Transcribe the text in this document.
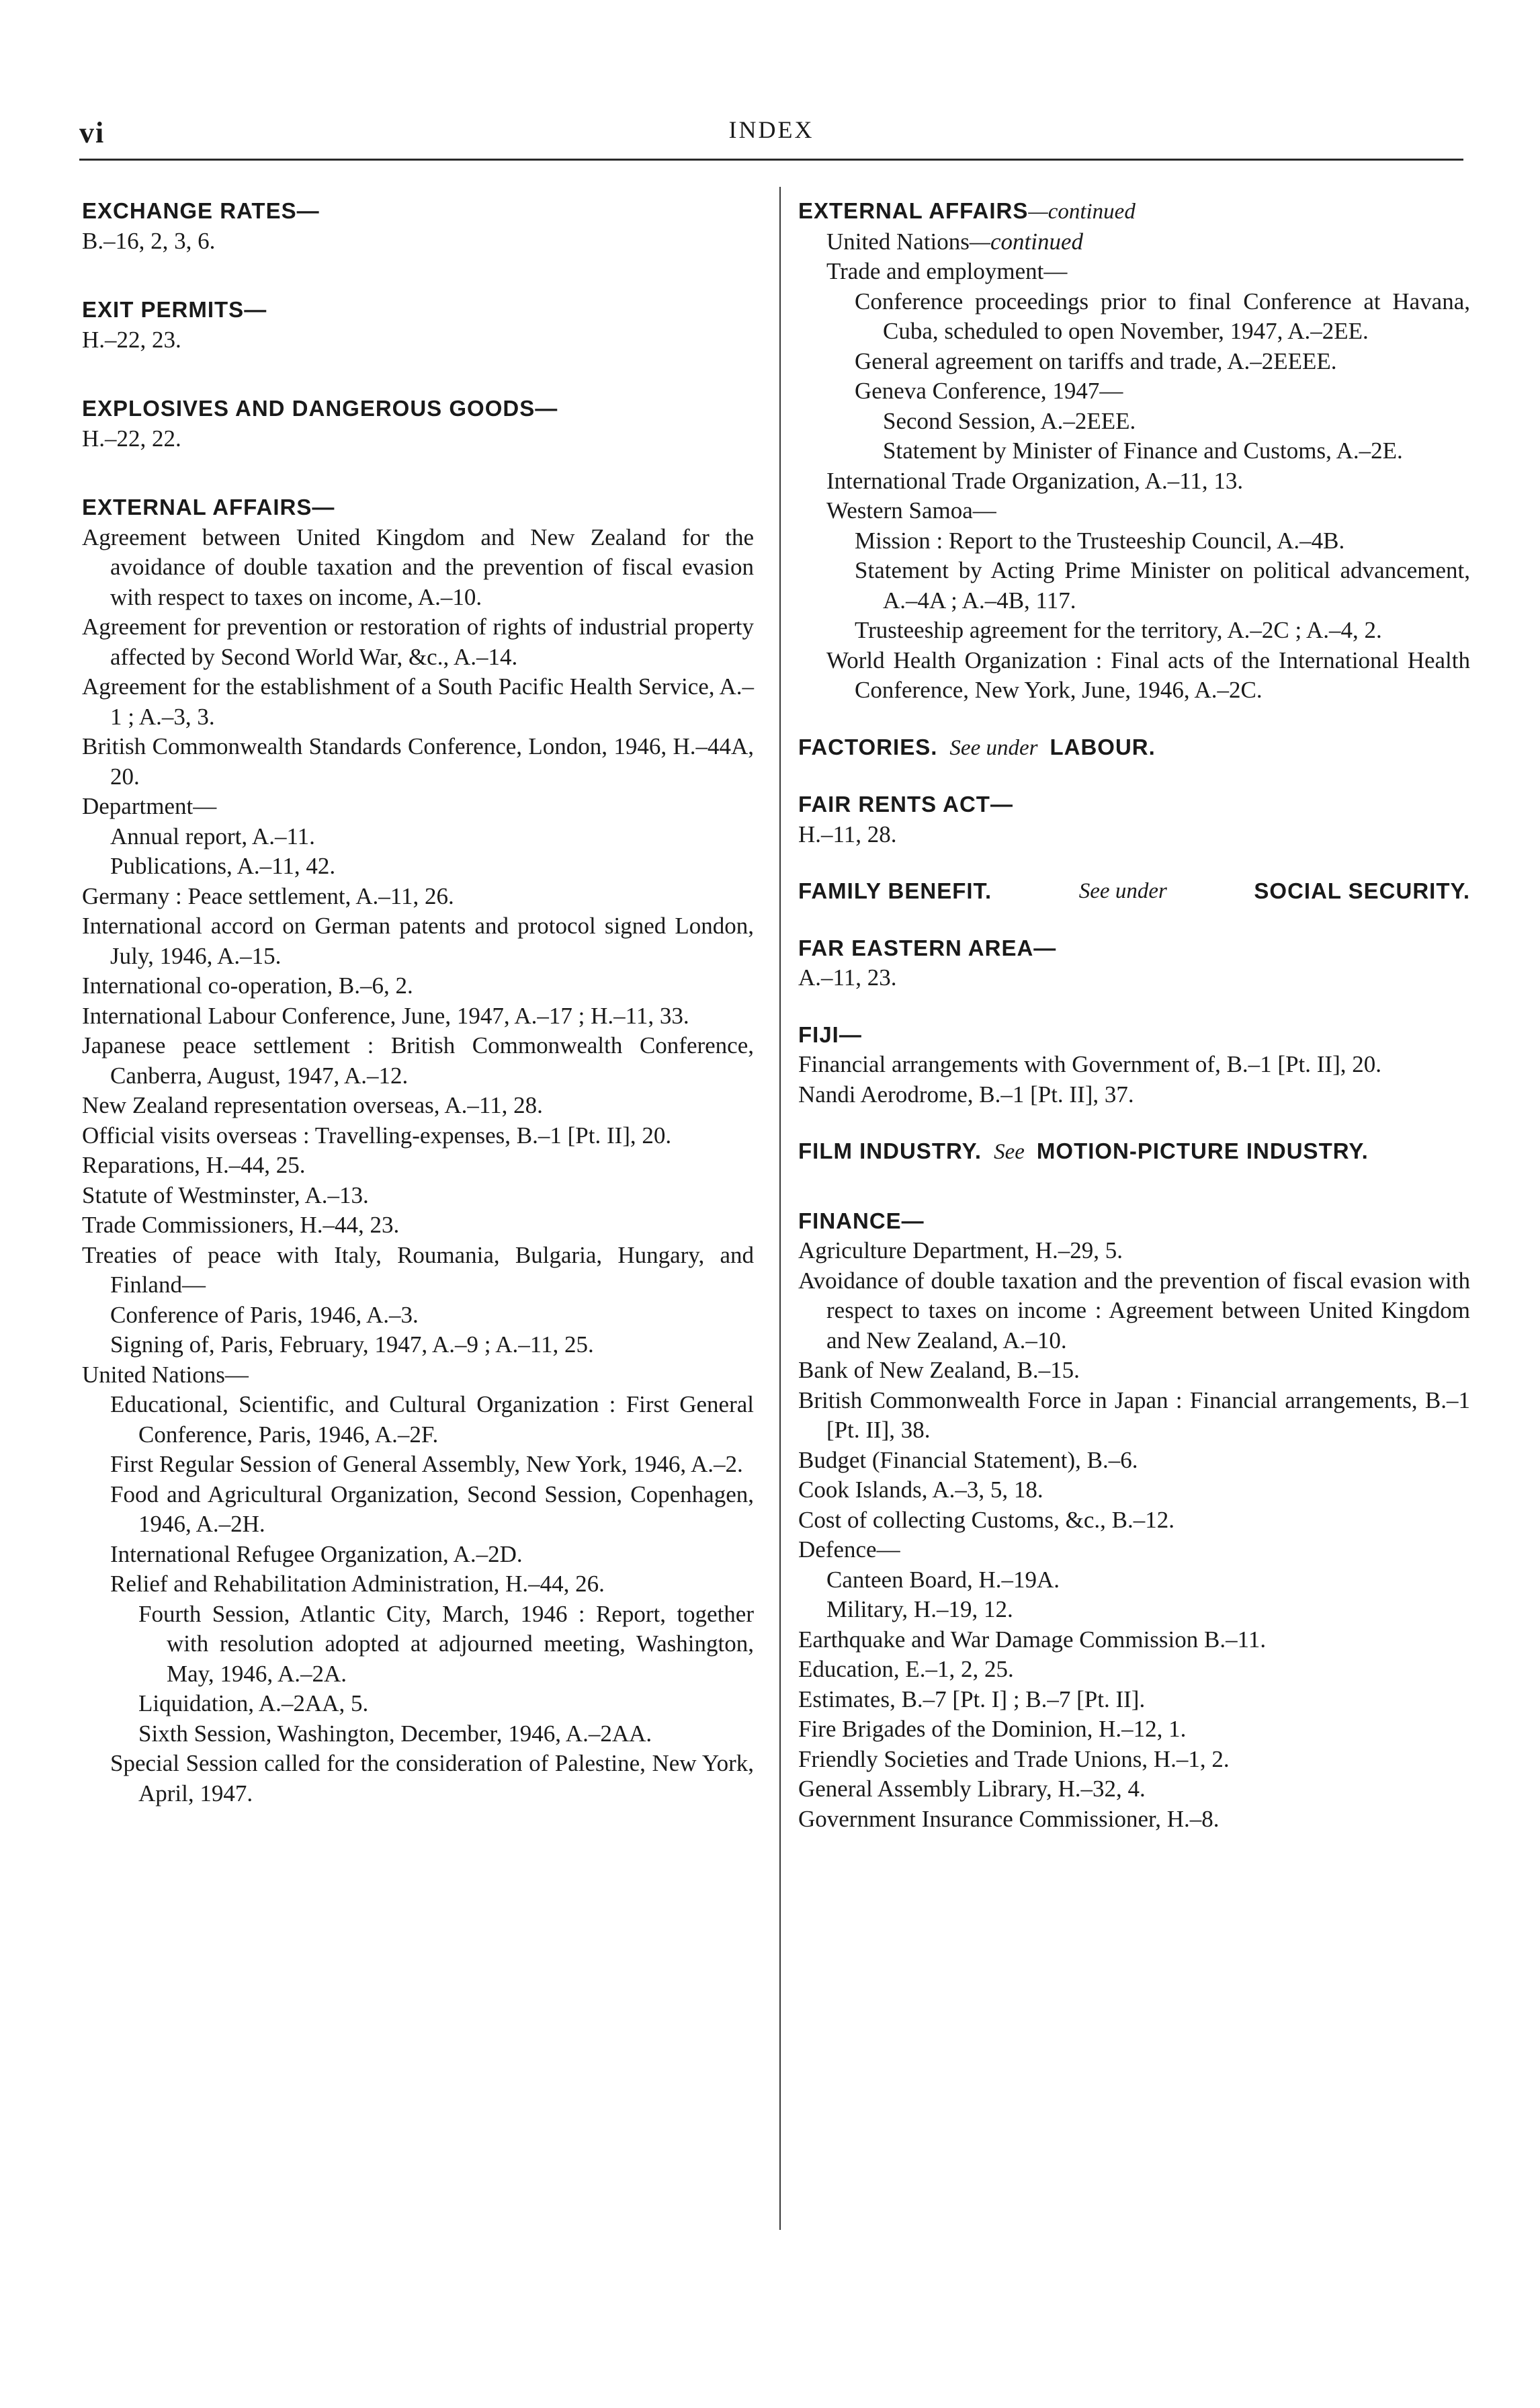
vi	INDEX
EXCHANGE RATES—
B.–16, 2, 3, 6.
EXIT PERMITS—
H.–22, 23.
EXPLOSIVES AND DANGEROUS GOODS—
H.–22, 22.
EXTERNAL AFFAIRS—
Agreement between United Kingdom and New Zealand for the avoidance of double taxation and the prevention of fiscal evasion with respect to taxes on income, A.–10.
Agreement for prevention or restoration of rights of industrial property affected by Second World War, &c., A.–14.
Agreement for the establishment of a South Pacific Health Service, A.–1 ; A.–3, 3.
British Commonwealth Standards Conference, London, 1946, H.–44A, 20.
Department—
Annual report, A.–11.
Publications, A.–11, 42.
Germany : Peace settlement, A.–11, 26.
International accord on German patents and protocol signed London, July, 1946, A.–15.
International co-operation, B.–6, 2.
International Labour Conference, June, 1947, A.–17 ; H.–11, 33.
Japanese peace settlement : British Commonwealth Conference, Canberra, August, 1947, A.–12.
New Zealand representation overseas, A.–11, 28.
Official visits overseas : Travelling-expenses, B.–1 [Pt. II], 20.
Reparations, H.–44, 25.
Statute of Westminster, A.–13.
Trade Commissioners, H.–44, 23.
Treaties of peace with Italy, Roumania, Bulgaria, Hungary, and Finland—
Conference of Paris, 1946, A.–3.
Signing of, Paris, February, 1947, A.–9 ; A.–11, 25.
United Nations—
Educational, Scientific, and Cultural Organization : First General Conference, Paris, 1946, A.–2F.
First Regular Session of General Assembly, New York, 1946, A.–2.
Food and Agricultural Organization, Second Session, Copenhagen, 1946, A.–2H.
International Refugee Organization, A.–2D.
Relief and Rehabilitation Administration, H.–44, 26.
Fourth Session, Atlantic City, March, 1946 : Report, together with resolution adopted at adjourned meeting, Washington, May, 1946, A.–2A.
Liquidation, A.–2AA, 5.
Sixth Session, Washington, December, 1946, A.–2AA.
Special Session called for the consideration of Palestine, New York, April, 1947.
EXTERNAL AFFAIRS—continued
United Nations—continued
Trade and employment—
Conference proceedings prior to final Conference at Havana, Cuba, scheduled to open November, 1947, A.–2EE.
General agreement on tariffs and trade, A.–2EEEE.
Geneva Conference, 1947—
Second Session, A.–2EEE.
Statement by Minister of Finance and Customs, A.–2E.
International Trade Organization, A.–11, 13.
Western Samoa—
Mission : Report to the Trusteeship Council, A.–4B.
Statement by Acting Prime Minister on political advancement, A.–4A ; A.–4B, 117.
Trusteeship agreement for the territory, A.–2C ; A.–4, 2.
World Health Organization : Final acts of the International Health Conference, New York, June, 1946, A.–2C.
FACTORIES. See under LABOUR.
FAIR RENTS ACT—
H.–11, 28.
FAMILY BENEFIT.	See under	SOCIAL SECURITY.
FAR EASTERN AREA—
A.–11, 23.
FIJI—
Financial arrangements with Government of, B.–1 [Pt. II], 20.
Nandi Aerodrome, B.–1 [Pt. II], 37.
FILM INDUSTRY. See MOTION-PICTURE INDUSTRY.
FINANCE—
Agriculture Department, H.–29, 5.
Avoidance of double taxation and the prevention of fiscal evasion with respect to taxes on income : Agreement between United Kingdom and New Zealand, A.–10.
Bank of New Zealand, B.–15.
British Commonwealth Force in Japan : Financial arrangements, B.–1 [Pt. II], 38.
Budget (Financial Statement), B.–6.
Cook Islands, A.–3, 5, 18.
Cost of collecting Customs, &c., B.–12.
Defence—
Canteen Board, H.–19A.
Military, H.–19, 12.
Earthquake and War Damage Commission B.–11.
Education, E.–1, 2, 25.
Estimates, B.–7 [Pt. I] ; B.–7 [Pt. II].
Fire Brigades of the Dominion, H.–12, 1.
Friendly Societies and Trade Unions, H.–1, 2.
General Assembly Library, H.–32, 4.
Government Insurance Commissioner, H.–8.
